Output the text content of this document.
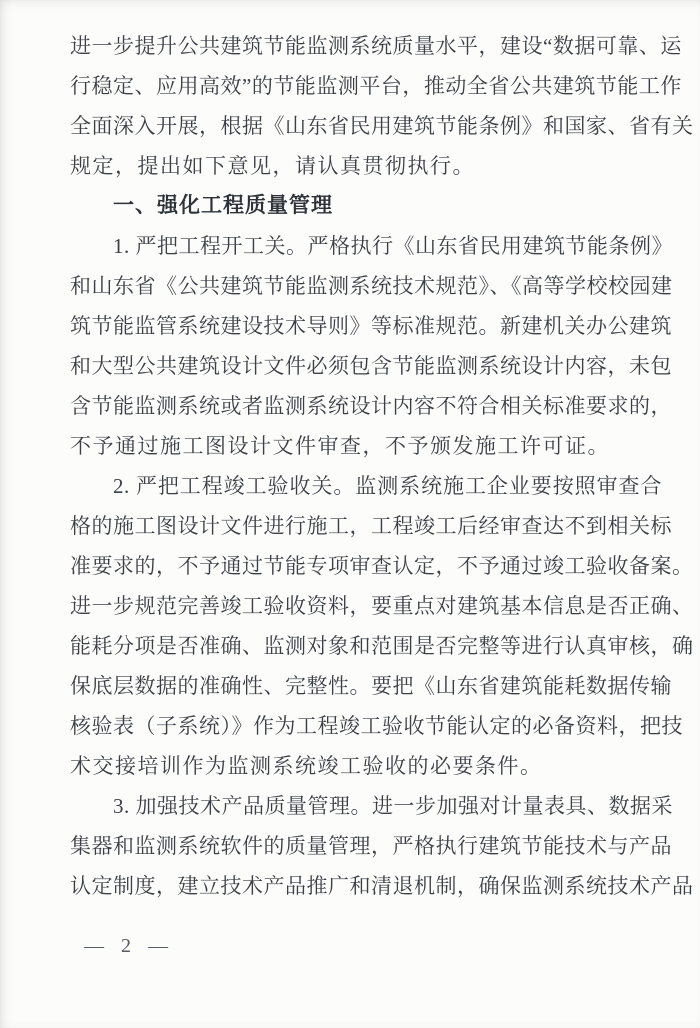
进一步提升公共建筑节能监测系统质量水平，建设“数据可靠、运
行稳定、应用高效”的节能监测平台，推动全省公共建筑节能工作
全面深入开展，根据《山东省民用建筑节能条例》和国家、省有关
规定，提出如下意见，请认真贯彻执行。
一、强化工程质量管理
1. 严把工程开工关。严格执行《山东省民用建筑节能条例》
和山东省《公共建筑节能监测系统技术规范》、《高等学校校园建
筑节能监管系统建设技术导则》等标准规范。新建机关办公建筑
和大型公共建筑设计文件必须包含节能监测系统设计内容，未包
含节能监测系统或者监测系统设计内容不符合相关标准要求的，
不予通过施工图设计文件审查，不予颁发施工许可证。
2. 严把工程竣工验收关。监测系统施工企业要按照审查合
格的施工图设计文件进行施工，工程竣工后经审查达不到相关标
准要求的，不予通过节能专项审查认定，不予通过竣工验收备案。
进一步规范完善竣工验收资料，要重点对建筑基本信息是否正确、
能耗分项是否准确、监测对象和范围是否完整等进行认真审核，确
保底层数据的准确性、完整性。要把《山东省建筑能耗数据传输
核验表（子系统）》作为工程竣工验收节能认定的必备资料，把技
术交接培训作为监测系统竣工验收的必要条件。
3. 加强技术产品质量管理。进一步加强对计量表具、数据采
集器和监测系统软件的质量管理，严格执行建筑节能技术与产品
认定制度，建立技术产品推广和清退机制，确保监测系统技术产品
— 2 —
